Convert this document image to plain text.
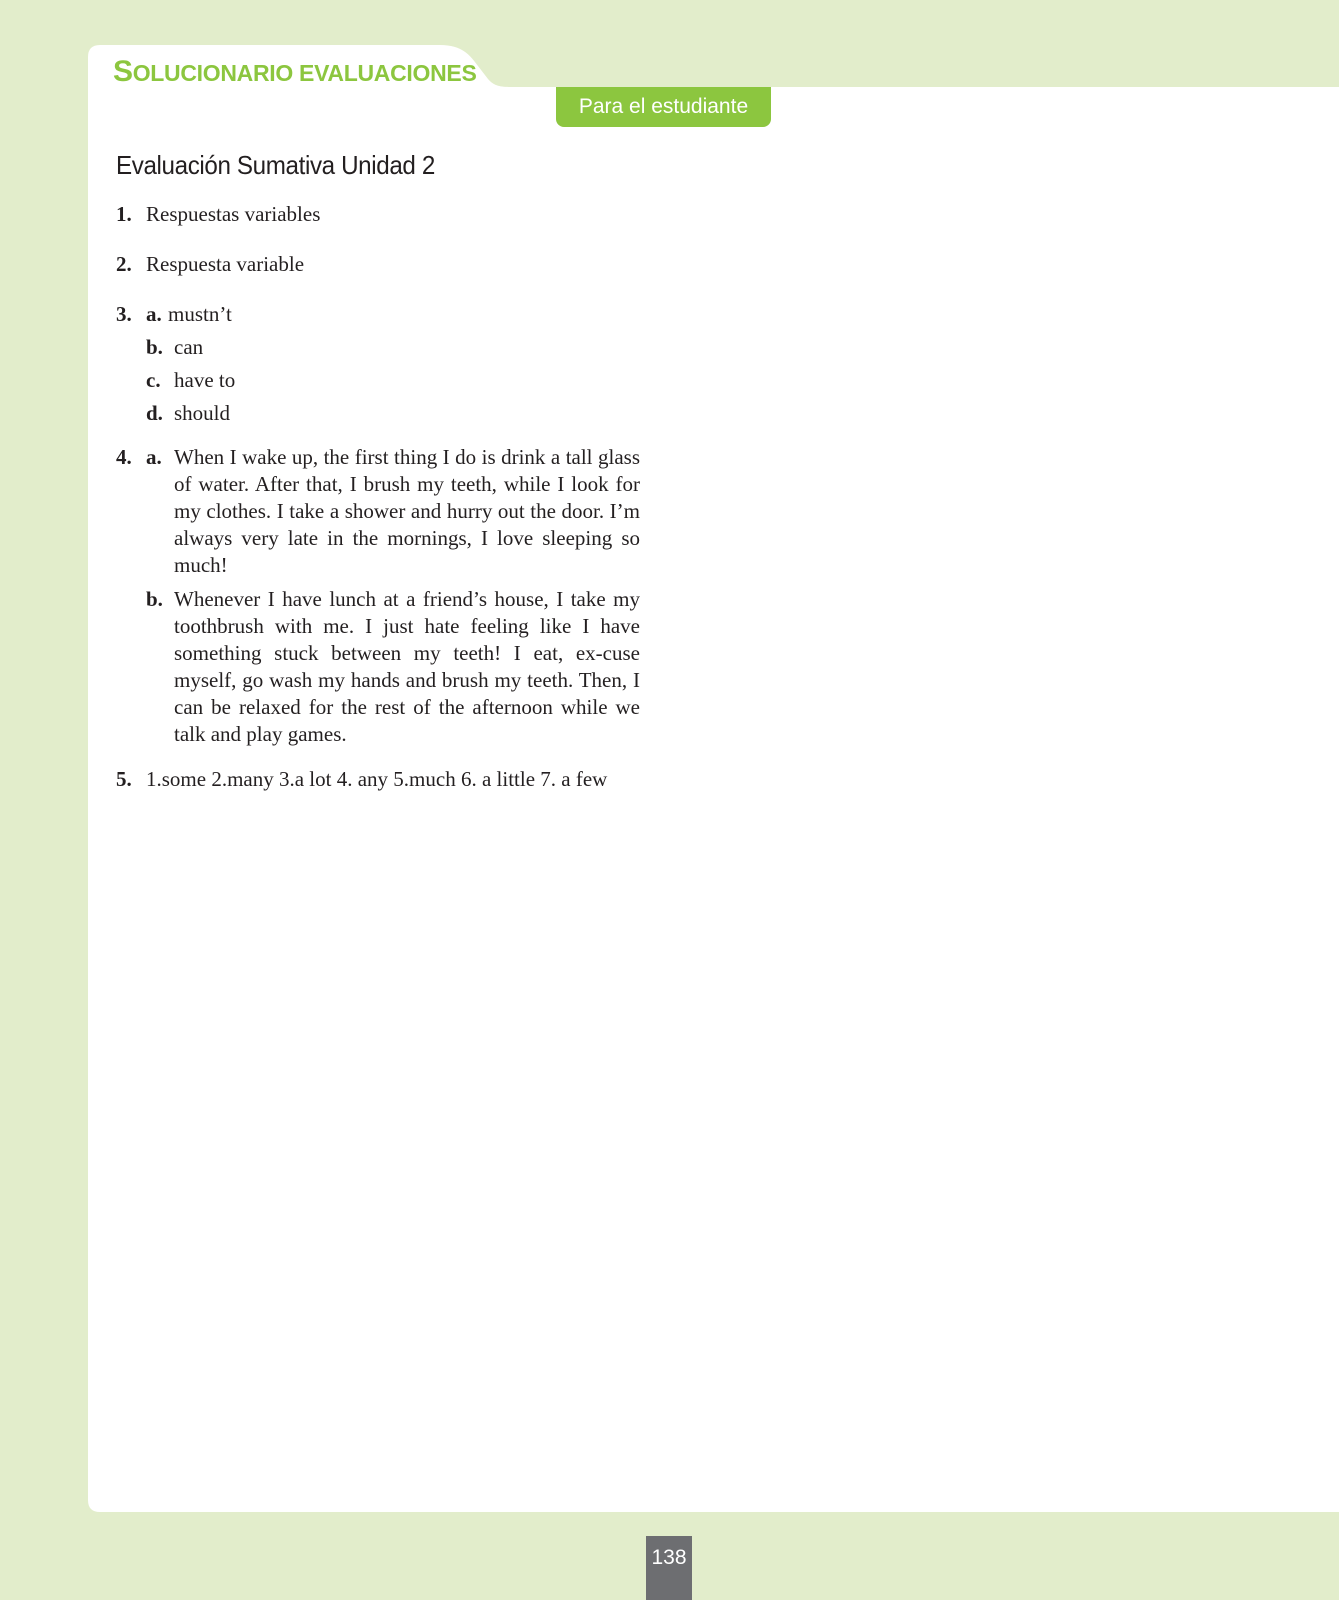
SOLUCIONARIO EVALUACIONES
Para el estudiante
Evaluación Sumativa Unidad 2
1. Respuestas variables
2. Respuesta variable
3. a. mustn’t
b. can
c. have to
d. should
4. a. When I wake up, the first thing I do is drink a tall glass of water. After that, I brush my teeth, while I look for my clothes. I take a shower and hurry out the door. I’m always very late in the mornings, I love sleeping so much!
b. Whenever I have lunch at a friend’s house, I take my toothbrush with me. I just hate feeling like I have something stuck between my teeth! I eat, ex-cuse myself, go wash my hands and brush my teeth. Then, I can be relaxed for the rest of the afternoon while we talk and play games.
5. 1.some 2.many 3.a lot 4. any 5.much 6. a little 7. a few
138
